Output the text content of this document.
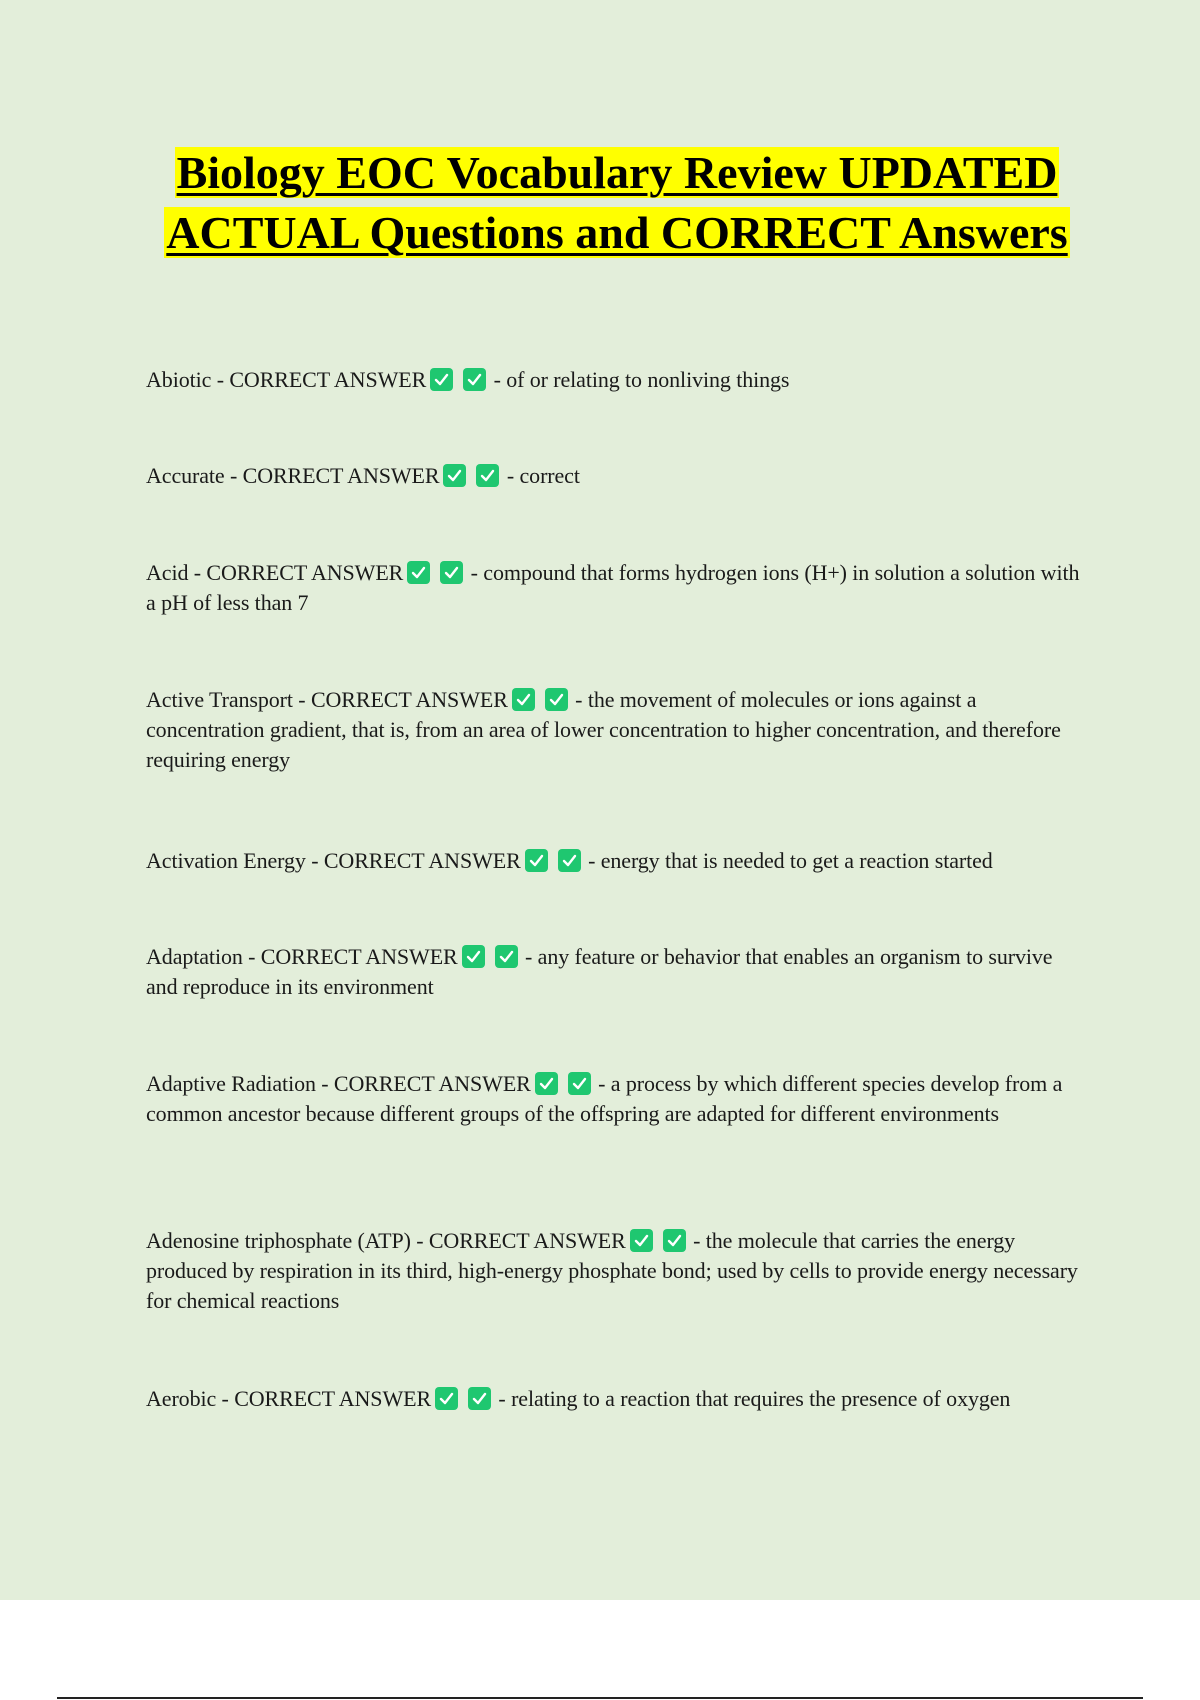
Biology EOC Vocabulary Review UPDATED ACTUAL Questions and CORRECT Answers

Abiotic - CORRECT ANSWER	- of or relating to nonliving things

Accurate - CORRECT ANSWER	- correct

Acid - CORRECT ANSWER	- compound that forms hydrogen ions (H+) in solution a solution with a pH of less than 7

Active Transport - CORRECT ANSWER	- the movement of molecules or ions against a concentration gradient, that is, from an area of lower concentration to higher concentration, and therefore requiring energy

Activation Energy - CORRECT ANSWER	- energy that is needed to get a reaction started

Adaptation - CORRECT ANSWER	- any feature or behavior that enables an organism to survive and reproduce in its environment

Adaptive Radiation - CORRECT ANSWER	- a process by which different species develop from a common ancestor because different groups of the offspring are adapted for different environments

Adenosine triphosphate (ATP) - CORRECT ANSWER	- the molecule that carries the energy produced by respiration in its third, high-energy phosphate bond; used by cells to provide energy necessary for chemical reactions

Aerobic - CORRECT ANSWER	- relating to a reaction that requires the presence of oxygen
